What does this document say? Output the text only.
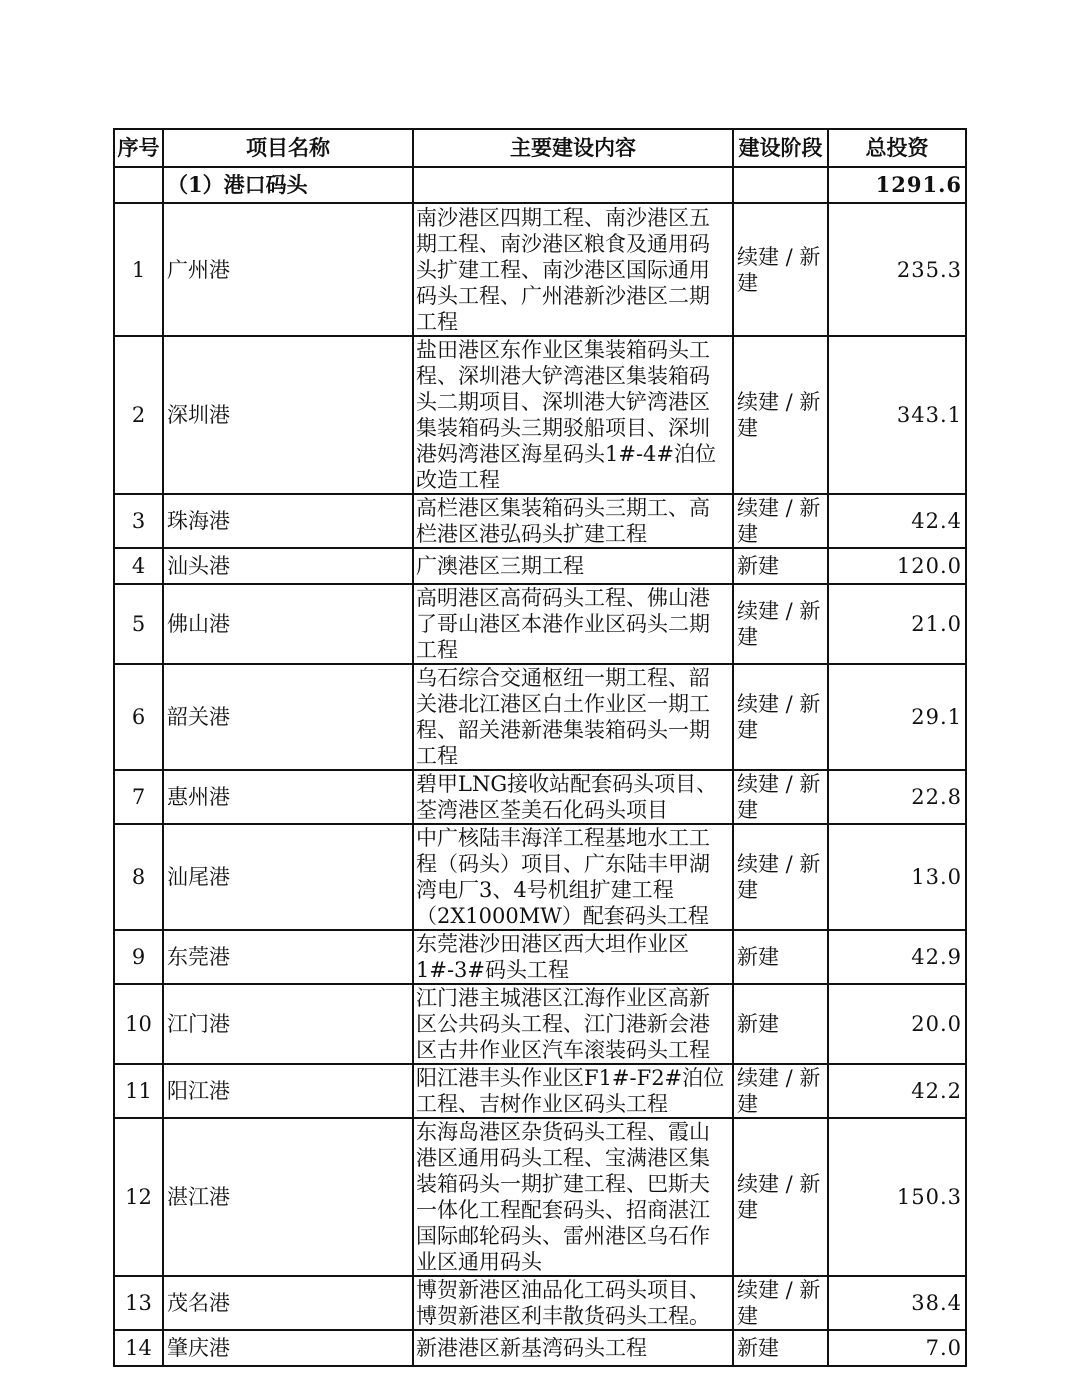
序号	项目名称	主要建设内容	建设阶段	总投资
	（1）港口码头			1291.6
1	广州港	南沙港区四期工程、南沙港区五期工程、南沙港区粮食及通用码头扩建工程、南沙港区国际通用码头工程、广州港新沙港区二期工程	续建 / 新建	235.3
2	深圳港	盐田港区东作业区集装箱码头工程、深圳港大铲湾港区集装箱码头二期项目、深圳港大铲湾港区集装箱码头三期驳船项目、深圳港妈湾港区海星码头1#-4#泊位改造工程	续建 / 新建	343.1
3	珠海港	高栏港区集装箱码头三期工、高栏港区港弘码头扩建工程	续建 / 新建	42.4
4	汕头港	广澳港区三期工程	新建	120.0
5	佛山港	高明港区高荷码头工程、佛山港了哥山港区本港作业区码头二期工程	续建 / 新建	21.0
6	韶关港	乌石综合交通枢纽一期工程、韶关港北江港区白土作业区一期工程、韶关港新港集装箱码头一期工程	续建 / 新建	29.1
7	惠州港	碧甲LNG接收站配套码头项目、荃湾港区荃美石化码头项目	续建 / 新建	22.8
8	汕尾港	中广核陆丰海洋工程基地水工工程（码头）项目、广东陆丰甲湖湾电厂3、4号机组扩建工程（2X1000MW）配套码头工程	续建 / 新建	13.0
9	东莞港	东莞港沙田港区西大坦作业区1#-3#码头工程	新建	42.9
10	江门港	江门港主城港区江海作业区高新区公共码头工程、江门港新会港区古井作业区汽车滚装码头工程	新建	20.0
11	阳江港	阳江港丰头作业区F1#-F2#泊位工程、吉树作业区码头工程	续建 / 新建	42.2
12	湛江港	东海岛港区杂货码头工程、霞山港区通用码头工程、宝满港区集装箱码头一期扩建工程、巴斯夫一体化工程配套码头、招商湛江国际邮轮码头、雷州港区乌石作业区通用码头	续建 / 新建	150.3
13	茂名港	博贺新港区油品化工码头项目、博贺新港区利丰散货码头工程。	续建 / 新建	38.4
14	肇庆港	新港港区新基湾码头工程	新建	7.0
